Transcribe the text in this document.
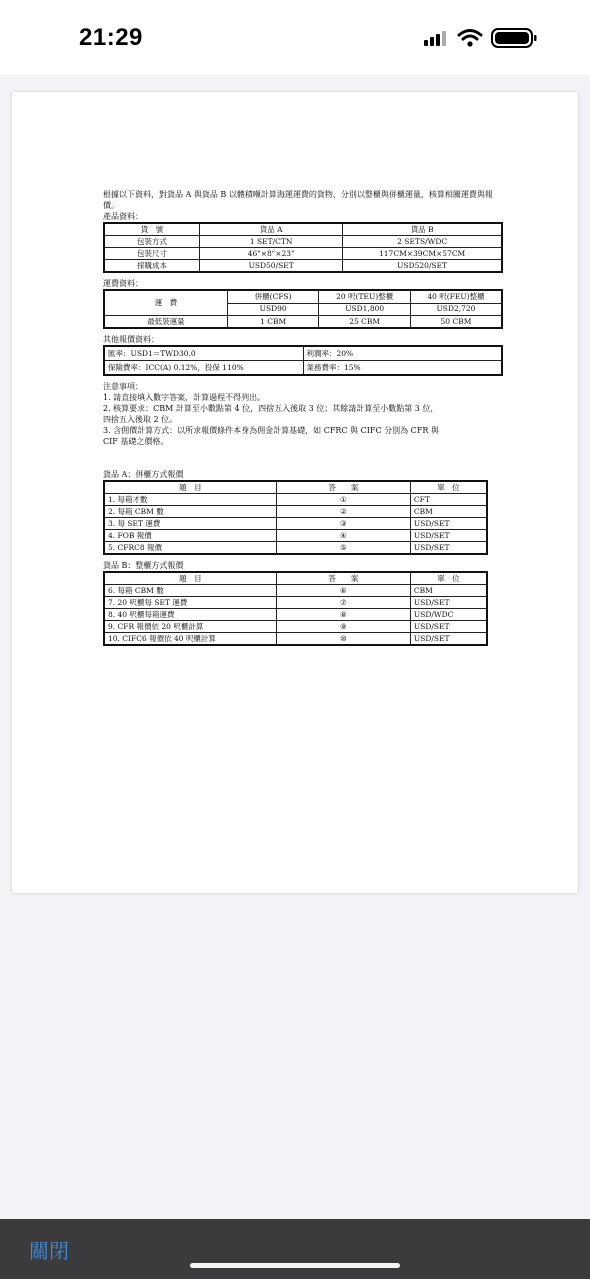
21:29

根據以下資料，對貨品 A 與貨品 B 以體積噸計算海運運費的貨物，分別以整櫃與併櫃運量，核算相關運費與報價。

產品資料：

貨　號	貨品 A	貨品 B
包裝方式	1 SET/CTN	2 SETS/WDC
包裝尺寸	46"×8"×23"	117CM×39CM×57CM
採購成本	USD50/SET	USD520/SET

運費資料：

運　費	併櫃(CFS)	20 呎(TEU)整櫃	40 呎(FEU)整櫃
	USD90	USD1,800	USD2,720
最低裝運量	1 CBM	25 CBM	50 CBM

其他報價資料：

匯率：USD1＝TWD30.0	利潤率：20%
保險費率：ICC(A) 0.12%，投保 110%	業務費率：15%

注意事項：

1. 請直接填入數字答案，計算過程不得列出。

2. 核算要求：CBM 計算至小數點第 4 位，四捨五入後取 3 位；其餘請計算至小數點第 3 位，

四捨五入後取 2 位。

3. 含佣價計算方式：以所求報價條件本身為佣金計算基礎，如 CFRC 與 CIFC 分別為 CFR 與

CIF 基礎之價格。

貨品 A：併櫃方式報價

題　目	答　　案	單　位
1. 每箱才數	①	CFT
2. 每箱 CBM 數	②	CBM
3. 每 SET 運費	③	USD/SET
4. FOB 報價	④	USD/SET
5. CFRC8 報價	⑤	USD/SET

貨品 B：整櫃方式報價

題　目	答　　案	單　位
6. 每箱 CBM 數	⑥	CBM
7. 20 呎櫃每 SET 運費	⑦	USD/SET
8. 40 呎櫃每箱運費	⑧	USD/WDC
9. CFR 報價依 20 呎櫃計算	⑨	USD/SET
10. CIFC6 報價依 40 呎櫃計算	⑩	USD/SET
關閉
